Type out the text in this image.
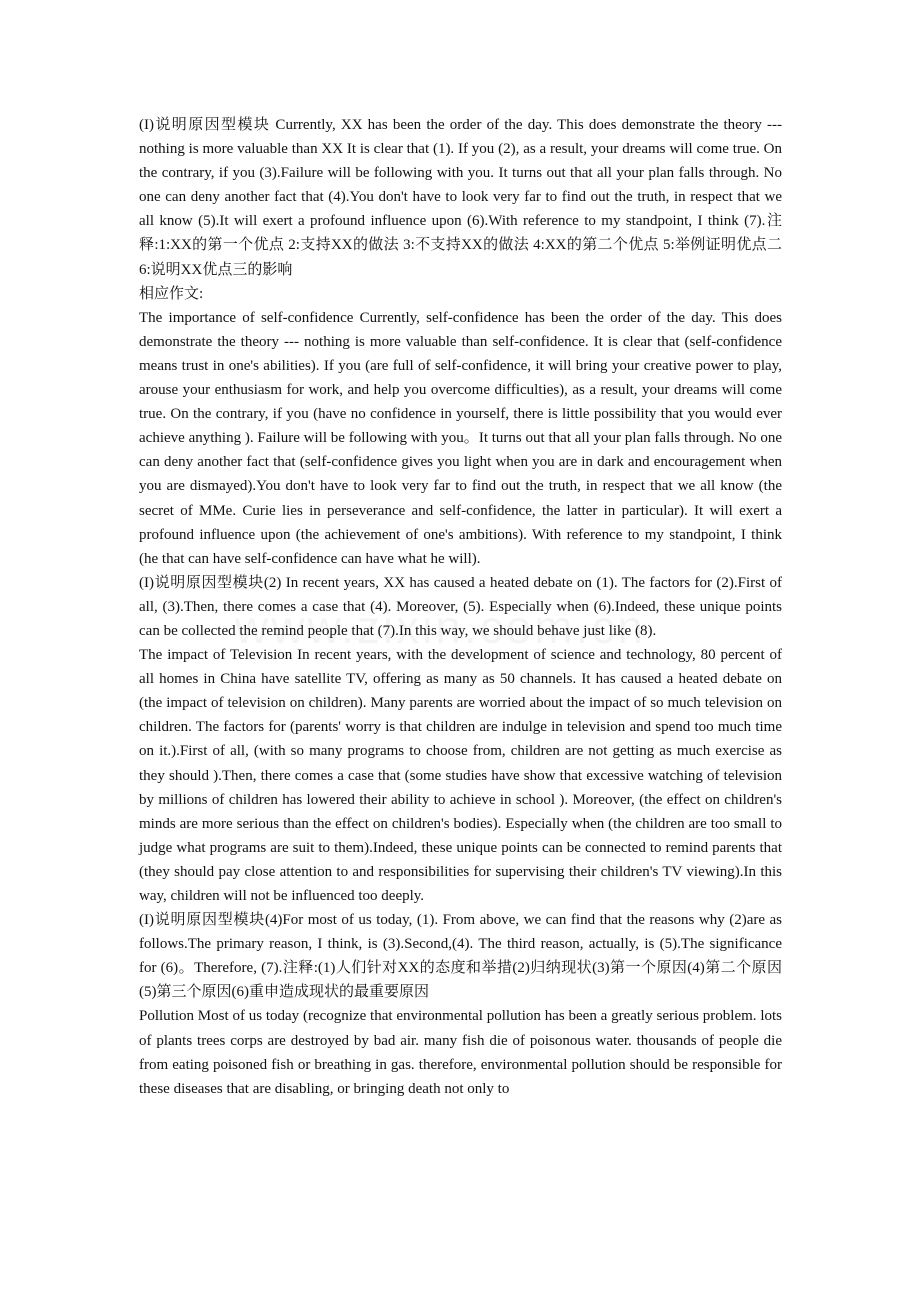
(I)说明原因型模块 Currently, XX has been the order of the day. This does demonstrate the theory --- nothing is more valuable than XX It is clear that (1). If you (2), as a result, your dreams will come true. On the contrary, if you (3).Failure will be following with you. It turns out that all your plan falls through. No one can deny another fact that (4).You don't have to look very far to find out the truth, in respect that we all know (5).It will exert a profound influence upon (6).With reference to my standpoint, I think (7).注释:1:XX的第一个优点 2:支持XX的做法 3:不支持XX的做法 4:XX的第二个优点 5:举例证明优点二 6:说明XX优点三的影响

相应作文:

The importance of self-confidence Currently, self-confidence has been the order of the day. This does demonstrate the theory --- nothing is more valuable than self-confidence. It is clear that (self-confidence means trust in one's abilities). If you (are full of self-confidence, it will bring your creative power to play, arouse your enthusiasm for work, and help you overcome difficulties), as a result, your dreams will come true. On the contrary, if you (have no confidence in yourself, there is little possibility that you would ever achieve anything ). Failure will be following with you。It turns out that all your plan falls through. No one can deny another fact that (self-confidence gives you light when you are in dark and encouragement when you are dismayed).You don't have to look very far to find out the truth, in respect that we all know (the secret of MMe. Curie lies in perseverance and self-confidence, the latter in particular). It will exert a profound influence upon (the achievement of one's ambitions). With reference to my standpoint, I think (he that can have self-confidence can have what he will).

(I)说明原因型模块(2) In recent years, XX has caused a heated debate on (1). The factors for (2).First of all, (3).Then, there comes a case that (4). Moreover, (5). Especially when (6).Indeed, these unique points can be collected the remind people that (7).In this way, we should behave just like (8).

The impact of Television In recent years, with the development of science and technology, 80 percent of all homes in China have satellite TV, offering as many as 50 channels. It has caused a heated debate on (the impact of television on children). Many parents are worried about the impact of so much television on children. The factors for (parents' worry is that children are indulge in television and spend too much time on it.).First of all, (with so many programs to choose from, children are not getting as much exercise as they should ).Then, there comes a case that (some studies have show that excessive watching of television by millions of children has lowered their ability to achieve in school ). Moreover, (the effect on children's minds are more serious than the effect on children's bodies). Especially when (the children are too small to judge what programs are suit to them).Indeed, these unique points can be connected to remind parents that (they should pay close attention to and responsibilities for supervising their children's TV viewing).In this way, children will not be influenced too deeply.

(I)说明原因型模块(4)For most of us today, (1). From above, we can find that the reasons why (2)are as follows.The primary reason, I think, is (3).Second,(4). The third reason, actually, is (5).The significance for (6)。Therefore, (7).注释:(1)人们针对XX的态度和举措(2)归纳现状(3)第一个原因(4)第二个原因(5)第三个原因(6)重申造成现状的最重要原因

Pollution Most of us today (recognize that environmental pollution has been a greatly serious problem. lots of plants trees corps are destroyed by bad air. many fish die of poisonous water. thousands of people die from eating poisoned fish or breathing in gas. therefore, environmental pollution should be responsible for these diseases that are disabling, or bringing death not only to
